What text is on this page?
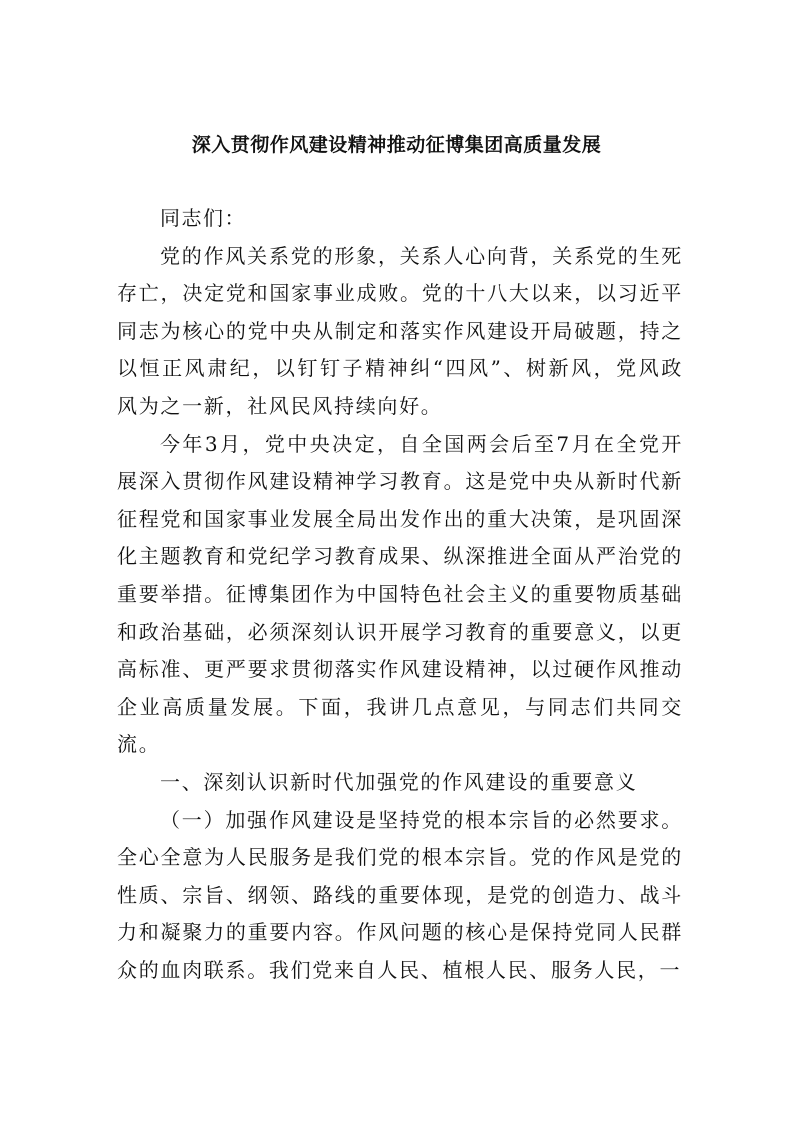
深入贯彻作风建设精神推动征博集团高质量发展

同志们：

党的作风关系党的形象，关系人心向背，关系党的生死存亡，决定党和国家事业成败。党的十八大以来，以习近平同志为核心的党中央从制定和落实作风建设开局破题，持之以恒正风肃纪，以钉钉子精神纠“四风”、树新风，党风政风为之一新，社风民风持续向好。

今年3月，党中央决定，自全国两会后至7月在全党开展深入贯彻作风建设精神学习教育。这是党中央从新时代新征程党和国家事业发展全局出发作出的重大决策，是巩固深化主题教育和党纪学习教育成果、纵深推进全面从严治党的重要举措。征博集团作为中国特色社会主义的重要物质基础和政治基础，必须深刻认识开展学习教育的重要意义，以更高标准、更严要求贯彻落实作风建设精神，以过硬作风推动企业高质量发展。下面，我讲几点意见，与同志们共同交流。

一、深刻认识新时代加强党的作风建设的重要意义

（一）加强作风建设是坚持党的根本宗旨的必然要求。全心全意为人民服务是我们党的根本宗旨。党的作风是党的性质、宗旨、纲领、路线的重要体现，是党的创造力、战斗力和凝聚力的重要内容。作风问题的核心是保持党同人民群众的血肉联系。我们党来自人民、植根人民、服务人民，一
